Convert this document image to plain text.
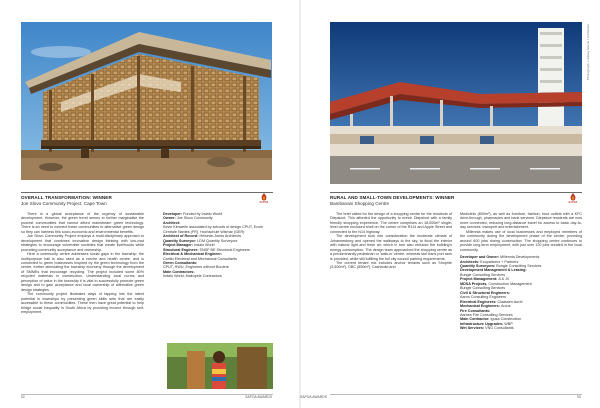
OVERALL TRANSFORMATION: WINNER
Joe Slovo Community Project, Cape Town	SAPOA

There is a global acceptance of the urgency of sustainable development. However, the green trend seems to further marginalise the poorest communities that cannot afford mainstream green technology. There is an need to connect these communities to alternative green design so they can harness this socio-economic and environmental benefits.

Joe Slovo Community Project employs a multi-disciplinary approach to development that combines innovative design thinking with low-cost strategies to encourage vulnerable societies that create livelihoods while promoting community acceptance and ownership.

Here a community centre addresses social gaps in the township: the multipurpose hall is also used as a creche and health centre, and is connected to green businesses inspired by the green technology from the centre, further stimulating the township economy through the development of SMMEs that encourage recycling. The project included some 80% recycled materials in construction. Understanding local norms and perception of value in the township it is vital to successfully promote green design and to gain acceptance and local ownership of alternative green design strategies.

The community project illustrates ways of tapping into the latent potential in townships by presenting green skills sets that are easily accessible to these communities. These then have great potential to help bridge social inequality in South Africa by providing income through self-employment.

Developer: Funded by Indalo World
Owner: Joe Slovo Community
Architect:
Kevin Kimwelle associated by schools of design CPUT, Ecole Centrale Nantes (FR), Hochschule Wismar (GER)
Architect of Record: Helsede-Jones Architects
Quantity Surveyor: LDM Quantity Surveyors
Project Manager: Indalo World
Structural Engineer: SNDF BE Structural Engineers
Electrical & Mechanical Engineer:
Carlito Electrical and Mechanical Consultants
Green Consultants:
CPUT, HWU, Engineers without Borders
Main Contractors:
Indalo World, Makupele Contractors
92	SAPOA AWARDS
Photograph: Lindsay Morris / Architects
RURAL AND SMALL-TOWN DEVELOPMENTS: WINNER
Bambanani Shopping Centre	SAPOA

The brief called for the design of a shopping centre for the residents of Diepsloot. This afforded the opportunity to enrich Diepsloot with a family friendly shopping experience. The centre comprises an 18,000m² single-level centre enclosed shell on the corner of the R114 and Apple Street and connected to the N14 highway.

The development took into consideration the moderate climate of Johannesburg and opened the walkways to the sky, to flood the interior with natural light and fresh air, which in turn also reduced the building's energy consumption. The design team approached the shopping centre as a predominantly pedestrian or 'walk-in' centre, whereas taxi trans port rank is provided, while still fulfilling the full city council parking requirements.

The current tenant mix includes anchor tenants such as Shoprite (3,500m²), OBC (850m²), Cashbuild and

Mediclinic (600m²), as well as furniture, fashion, food outlets with a KFC drive-through, pharmacies and bank services. Diepsloot residents are now more connected, reducing long-distance travel for access to basic day-to-day services, transport and entertainment.

Millennia makes use of local businesses and employed members of the community during the development phase of the centre, providing around 600 jobs during construction. The shopping centre continues to provide long-term employment, with just over 120 jobs created in the local community.

Developer and Owner: Millennia Developments
Architects: Ecopartners + Partners
Quantity Surveyors: Bungle Consulting Services
Development Management & Leasing:
Bungle Consulting Services
Project Management: A & JV
MDSA Projects, Construction Management
Bungle Consulting Services
Civil & Structural Engineers:
Aaron Consulting Engineers
Electrical Engineers: Claassen Auret
Mechanical Engineers: Arcus
Fire Consultants:
Aarnes Fire Consulting Services
Main Contractor: Igusa Construction
Infrastructure Upgrades: WBP
Wet Services: VNG Consultants
SAPOA AWARDS	93
